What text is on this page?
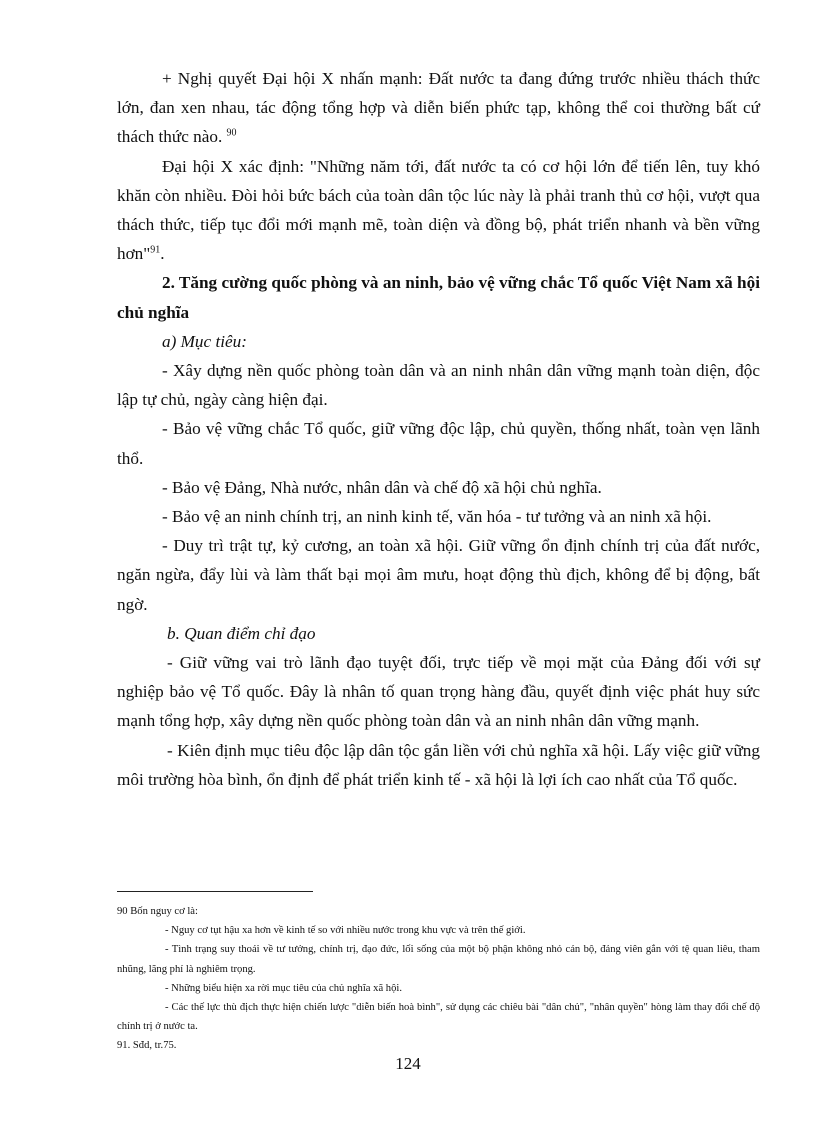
+ Nghị quyết Đại hội X nhấn mạnh: Đất nước ta đang đứng trước nhiều thách thức lớn, đan xen nhau, tác động tổng hợp và diễn biến phức tạp, không thể coi thường bất cứ thách thức nào. $^{90}$

Đại hội X xác định: "Những năm tới, đất nước ta có cơ hội lớn để tiến lên, tuy khó khăn còn nhiều. Đòi hỏi bức bách của toàn dân tộc lúc này là phải tranh thủ cơ hội, vượt qua thách thức, tiếp tục đổi mới mạnh mẽ, toàn diện và đồng bộ, phát triển nhanh và bền vững hơn"$^{91}$.

2. Tăng cường quốc phòng và an ninh, bảo vệ vững chắc Tổ quốc Việt Nam xã hội chủ nghĩa

a) Mục tiêu:

- Xây dựng nền quốc phòng toàn dân và an ninh nhân dân vững mạnh toàn diện, độc lập tự chủ, ngày càng hiện đại.

- Bảo vệ vững chắc Tổ quốc, giữ vững độc lập, chủ quyền, thống nhất, toàn vẹn lãnh thổ.

- Bảo vệ Đảng, Nhà nước, nhân dân và chế độ xã hội chủ nghĩa.

- Bảo vệ an ninh chính trị, an ninh kinh tế, văn hóa - tư tưởng và an ninh xã hội.

- Duy trì trật tự, kỷ cương, an toàn xã hội. Giữ vững ổn định chính trị của đất nước, ngăn ngừa, đẩy lùi và làm thất bại mọi âm mưu, hoạt động thù địch, không để bị động, bất ngờ.

b. Quan điểm chỉ đạo

- Giữ vững vai trò lãnh đạo tuyệt đối, trực tiếp về mọi mặt của Đảng đối với sự nghiệp bảo vệ Tổ quốc. Đây là nhân tố quan trọng hàng đầu, quyết định việc phát huy sức mạnh tổng hợp, xây dựng nền quốc phòng toàn dân và an ninh nhân dân vững mạnh.

- Kiên định mục tiêu độc lập dân tộc gắn liền với chủ nghĩa xã hội. Lấy việc giữ vững môi trường hòa bình, ổn định để phát triển kinh tế - xã hội là lợi ích cao nhất của Tổ quốc.

90 Bốn nguy cơ là:

- Nguy cơ tụt hậu xa hơn về kinh tế so với nhiều nước trong khu vực và trên thế giới.

- Tình trạng suy thoái về tư tưởng, chính trị, đạo đức, lối sống của một bộ phận không nhỏ cán bộ, đảng viên gắn với tệ quan liêu, tham nhũng, lãng phí là nghiêm trọng.

- Những biểu hiện xa rời mục tiêu của chủ nghĩa xã hội.

- Các thế lực thù địch thực hiện chiến lược "diễn biến hoà bình", sử dụng các chiêu bài "dân chủ", "nhân quyền" hòng làm thay đổi chế độ chính trị ở nước ta.

91. Sđd, tr.75.

124
